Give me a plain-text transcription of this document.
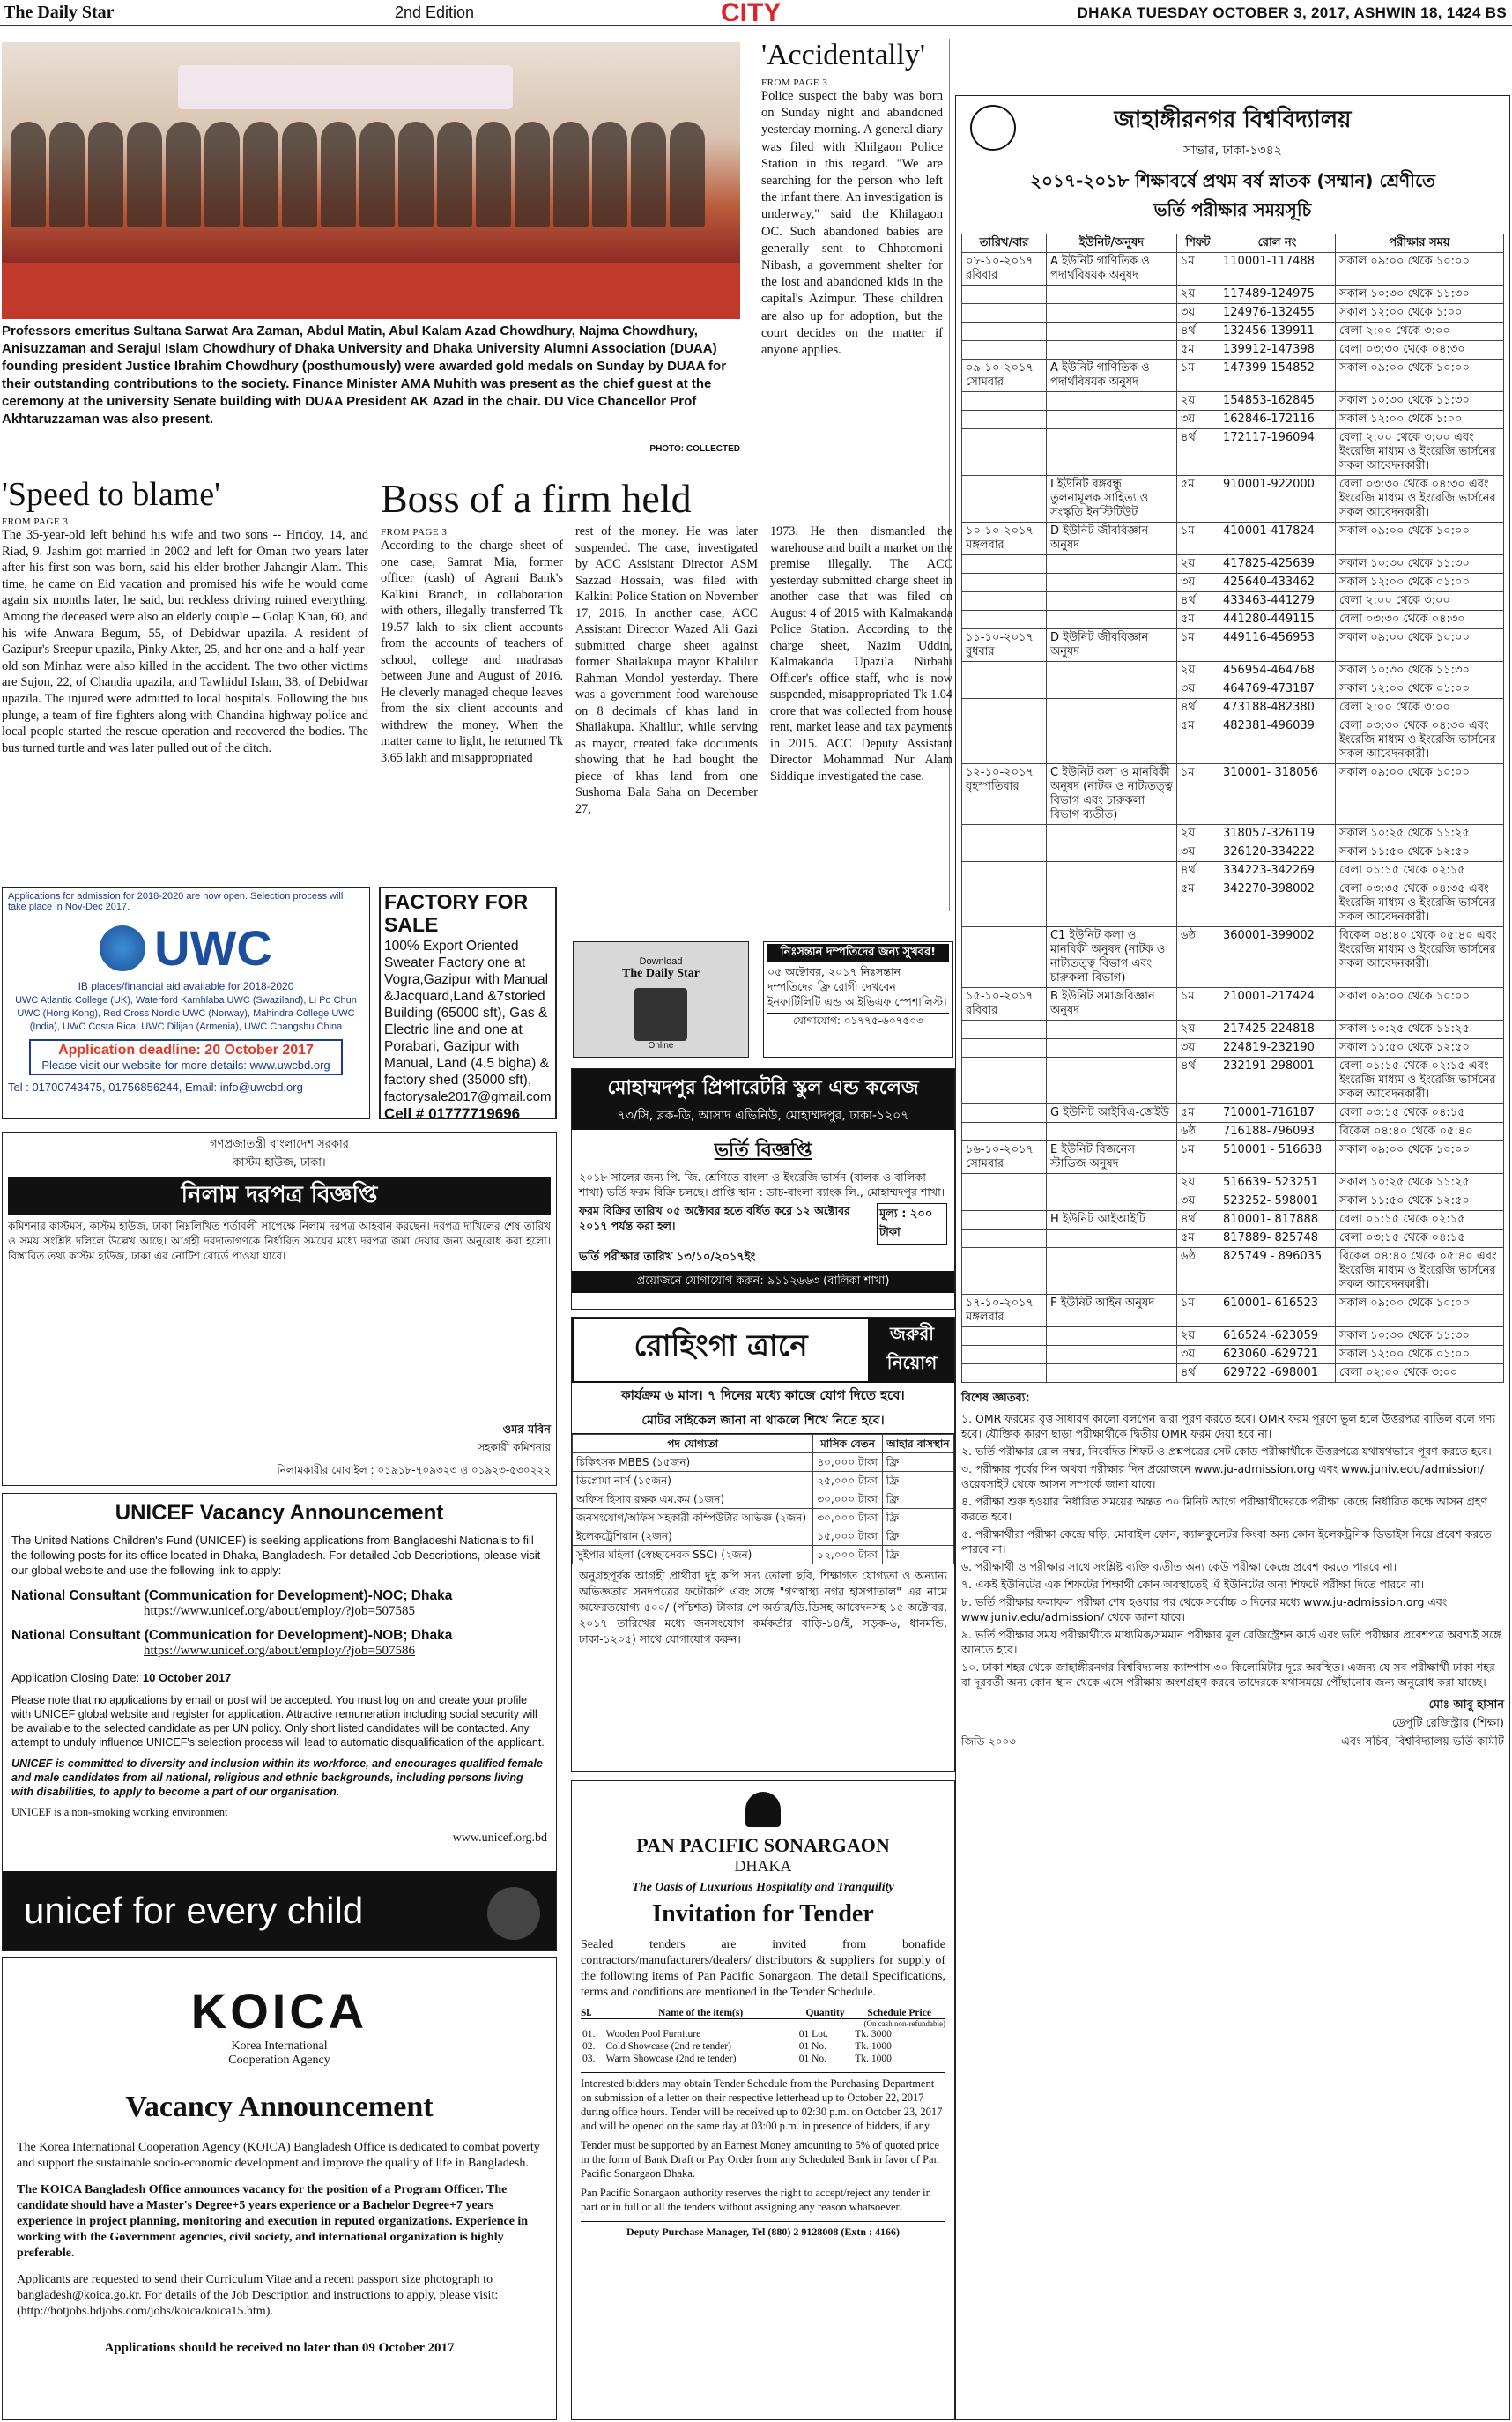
The Daily Star	2nd Edition	CITY	DHAKA TUESDAY OCTOBER 3, 2017, ASHWIN 18, 1424 BS
Professors emeritus Sultana Sarwat Ara Zaman, Abdul Matin, Abul Kalam Azad Chowdhury, Najma Chowdhury, Anisuzzaman and Serajul Islam Chowdhury of Dhaka University and Dhaka University Alumni Association (DUAA) founding president Justice Ibrahim Chowdhury (posthumously) were awarded gold medals on Sunday by DUAA for their outstanding contributions to the society. Finance Minister AMA Muhith was present as the chief guest at the ceremony at the university Senate building with DUAA President AK Azad in the chair. DU Vice Chancellor Prof Akhtaruzzaman was also present.
PHOTO: COLLECTED
'Accidentally'
FROM PAGE 3
Police suspect the baby was born on Sunday night and abandoned yesterday morning. A general diary was filed with Khilgaon Police Station in this regard. "We are searching for the person who left the infant there. An investigation is underway," said the Khilagaon OC. Such abandoned babies are generally sent to Chhotomoni Nibash, a government shelter for the lost and abandoned kids in the capital's Azimpur. These children are also up for adoption, but the court decides on the matter if anyone applies.
'Speed to blame'
FROM PAGE 3
The 35-year-old left behind his wife and two sons -- Hridoy, 14, and Riad, 9. Jashim got married in 2002 and left for Oman two years later after his first son was born, said his elder brother Jahangir Alam. This time, he came on Eid vacation and promised his wife he would come again six months later, he said, but reckless driving ruined everything. Among the deceased were also an elderly couple -- Golap Khan, 60, and his wife Anwara Begum, 55, of Debidwar upazila. A resident of Gazipur's Sreepur upazila, Pinky Akter, 25, and her one-and-a-half-year-old son Minhaz were also killed in the accident. The two other victims are Sujon, 22, of Chandia upazila, and Tawhidul Islam, 38, of Debidwar upazila. The injured were admitted to local hospitals. Following the bus plunge, a team of fire fighters along with Chandina highway police and local people started the rescue operation and recovered the bodies. The bus turned turtle and was later pulled out of the ditch.
Boss of a firm held
FROM PAGE 3
According to the charge sheet of one case, Samrat Mia, former officer (cash) of Agrani Bank's Kalkini Branch, in collaboration with others, illegally transferred Tk 19.57 lakh to six client accounts from the accounts of teachers of school, college and madrasas between June and August of 2016. He cleverly managed cheque leaves from the six client accounts and withdrew the money. When the matter came to light, he returned Tk 3.65 lakh and misappropriated
rest of the money. He was later suspended. The case, investigated by ACC Assistant Director ASM Sazzad Hossain, was filed with Kalkini Police Station on November 17, 2016. In another case, ACC Assistant Director Wazed Ali Gazi submitted charge sheet against former Shailakupa mayor Khalilur Rahman Mondol yesterday. There was a government food warehouse on 8 decimals of khas land in Shailakupa. Khalilur, while serving as mayor, created fake documents showing that he had bought the piece of khas land from one Sushoma Bala Saha on December 27,
1973. He then dismantled the warehouse and built a market on the premise illegally. The ACC yesterday submitted charge sheet in another case that was filed on August 4 of 2015 with Kalmakanda Police Station. According to the charge sheet, Nazim Uddin, Kalmakanda Upazila Nirbahi Officer's office staff, who is now suspended, misappropriated Tk 1.04 crore that was collected from house rent, market lease and tax payments in 2015. ACC Deputy Assistant Director Mohammad Nur Alam Siddique investigated the case.
Applications for admission for 2018-2020 are now open. Selection process will take place in Nov-Dec 2017.
UWC
IB places/financial aid available for 2018-2020
UWC Atlantic College (UK), Waterford Kamhlaba UWC (Swaziland), Li Po Chun UWC (Hong Kong), Red Cross Nordic UWC (Norway), Mahindra College UWC (India), UWC Costa Rica, UWC Dilijan (Armenia), UWC Changshu China
Application deadline: 20 October 2017
Please visit our website for more details: www.uwcbd.org
Tel : 01700743475, 01756856244, Email: info@uwcbd.org
FACTORY FOR SALE
100% Export Oriented Sweater Factory one at Vogra,Gazipur with Manual &Jacquard,Land &7storied Building (65000 sft), Gas & Electric line and one at Porabari, Gazipur with Manual, Land (4.5 bigha) & factory shed (35000 sft),
factorysale2017@gmail.com
Cell # 01777719696
গণপ্রজাতন্ত্রী বাংলাদেশ সরকার
কাস্টম হাউজ, ঢাকা।
নিলাম দরপত্র বিজ্ঞপ্তি
কমিশনার কাস্টমস, কাস্টম হাউজ, ঢাকা নিম্নলিখিত শর্তাবলী সাপেক্ষে নিলাম দরপত্র আহবান করছেন। দরপত্র দাখিলের শেষ তারিখ ও সময় সংশ্লিষ্ট দলিলে উল্লেখ আছে। আগ্রহী দরদাতাগণকে নির্ধারিত সময়ের মধ্যে দরপত্র জমা দেয়ার জন্য অনুরোধ করা হলো। বিস্তারিত তথ্য কাস্টম হাউজ, ঢাকা এর নোটিশ বোর্ডে পাওয়া যাবে।
ওমর মবিন
সহকারী কমিশনার
নিলামকারীর মোবাইল : ০১৯১৮-৭০৯৩২৩ ও ০১৯২৩-৫৩০২২২
UNICEF Vacancy Announcement
The United Nations Children's Fund (UNICEF) is seeking applications from Bangladeshi Nationals to fill the following posts for its office located in Dhaka, Bangladesh. For detailed Job Descriptions, please visit our global website and use the following link to apply:
National Consultant (Communication for Development)-NOC; Dhaka
https://www.unicef.org/about/employ/?job=507585
National Consultant (Communication for Development)-NOB; Dhaka
https://www.unicef.org/about/employ/?job=507586
Application Closing Date: 10 October 2017
Please note that no applications by email or post will be accepted. You must log on and create your profile with UNICEF global website and register for application. Attractive remuneration including social security will be available to the selected candidate as per UN policy. Only short listed candidates will be contacted. Any attempt to unduly influence UNICEF's selection process will lead to automatic disqualification of the applicant.
UNICEF is committed to diversity and inclusion within its workforce, and encourages qualified female and male candidates from all national, religious and ethnic backgrounds, including persons living with disabilities, to apply to become a part of our organisation.
UNICEF is a non-smoking working environment
www.unicef.org.bd
unicef for every child
KOICA
Korea International
Cooperation Agency
Vacancy Announcement
The Korea International Cooperation Agency (KOICA) Bangladesh Office is dedicated to combat poverty and support the sustainable socio-economic development and improve the quality of life in Bangladesh.
The KOICA Bangladesh Office announces vacancy for the position of a Program Officer. The candidate should have a Master's Degree+5 years experience or a Bachelor Degree+7 years experience in project planning, monitoring and execution in reputed organizations. Experience in working with the Government agencies, civil society, and international organization is highly preferable.
Applicants are requested to send their Curriculum Vitae and a recent passport size photograph to bangladesh@koica.go.kr. For details of the Job Description and instructions to apply, please visit: (http://hotjobs.bdjobs.com/jobs/koica/koica15.htm).
Applications should be received no later than 09 October 2017
Download
The Daily Star
Online
নিঃসন্তান দম্পতিদের জন্য সুখবর!
০৫ অক্টোবর, ২০১৭ নিঃসন্তান দম্পতিদের ফ্রি রোগী দেখবেন ইনফার্টিলিটি এন্ড আইভিএফ স্পেশালিস্ট।
যোগাযোগ: ০১৭৭৫-৬০৭৫০৩
মোহাম্মদপুর প্রিপারেটরি স্কুল এন্ড কলেজ
৭৩/সি, ব্লক-ডি, আসাদ এভিনিউ, মোহাম্মদপুর, ঢাকা-১২০৭
ভর্তি বিজ্ঞপ্তি
২০১৮ সালের জন্য পি. জি. শ্রেণিতে বাংলা ও ইংরেজি ভার্সন (বালক ও বালিকা শাখা) ভর্তি ফরম বিক্রি চলছে। প্রাপ্তি স্থান : ডাচ-বাংলা ব্যাংক লি., মোহাম্মদপুর শাখা।
ফরম বিক্রির তারিখ ০৫ অক্টোবর হতে বর্ধিত করে ১২ অক্টোবর ২০১৭ পর্যন্ত করা হল।
মূল্য : ২০০ টাকা
ভর্তি পরীক্ষার তারিখ ১৩/১০/২০১৭ইং
প্রয়োজনে যোগাযোগ করুন: ৯১১২৬৬৩ (বালিকা শাখা)
রোহিংগা ত্রানে	জরুরী নিয়োগ
কার্যক্রম ৬ মাস। ৭ দিনের মধ্যে কাজে যোগ দিতে হবে।
মোটর সাইকেল জানা না থাকলে শিখে নিতে হবে।
পদ যোগ্যতা	মাসিক বেতন	আহার বাসস্থান
চিকিৎসক MBBS (১৫জন)	৪০,০০০ টাকা	ফ্রি
ডিপ্লোমা নার্স (১৫জন)	২৫,০০০ টাকা	ফ্রি
অফিস হিসাব রক্ষক এম.কম (১জন)	৩০,০০০ টাকা	ফ্রি
জনসংযোগ/অফিস সহকারী কম্পিউটার অভিজ্ঞ (২জন)	৩০,০০০ টাকা	ফ্রি
ইলেকট্রেশিয়ান (২জন)	১৫,০০০ টাকা	ফ্রি
সুইপার মহিলা (স্বেচ্ছাসেবক SSC) (২জন)	১২,০০০ টাকা	ফ্রি
অনুগ্রহপূর্বক আগ্রহী প্রার্থীরা দুই কপি সদ্য তোলা ছবি, শিক্ষাগত যোগ্যতা ও অন্যান্য অভিজ্ঞতার সনদপত্রের ফটোকপি এবং সঙ্গে "গণস্বাস্থ্য নগর হাসপাতাল" এর নামে অফেরতযোগ্য ৫০০/-(পাঁচশত) টাকার পে অর্ডার/ডি.ডিসহ আবেদনসহ ১৫ অক্টোবর, ২০১৭ তারিখের মধ্যে জনসংযোগ কর্মকর্তার বাড়ি-১৪/ই, সড়ক-৬, ধানমন্ডি, ঢাকা-১২০৫) সাথে যোগাযোগ করুন।
PAN PACIFIC SONARGAON
DHAKA
The Oasis of Luxurious Hospitality and Tranquility
Invitation for Tender
Sealed tenders are invited from bonafide contractors/manufacturers/dealers/ distributors & suppliers for supply of the following items of Pan Pacific Sonargaon. The detail Specifications, terms and conditions are mentioned in the Tender Schedule.
Sl.	Name of the item(s)	Quantity	Schedule Price
(On cash non-refundable)			
01.	Wooden Pool Furniture	01 Lot.	Tk. 3000
02.	Cold Showcase (2nd re tender)	01 No.	Tk. 1000
03.	Warm Showcase (2nd re tender)	01 No.	Tk. 1000
Interested bidders may obtain Tender Schedule from the Purchasing Department on submission of a letter on their respective letterhead up to October 22, 2017 during office hours. Tender will be received up to 02:30 p.m. on October 23, 2017 and will be opened on the same day at 03:00 p.m. in presence of bidders, if any.
Tender must be supported by an Earnest Money amounting to 5% of quoted price in the form of Bank Draft or Pay Order from any Scheduled Bank in favor of Pan Pacific Sonargaon Dhaka.
Pan Pacific Sonargaon authority reserves the right to accept/reject any tender in part or in full or all the tenders without assigning any reason whatsoever.
Deputy Purchase Manager, Tel (880) 2 9128008 (Extn : 4166)
জাহাঙ্গীরনগর বিশ্ববিদ্যালয়
সাভার, ঢাকা-১৩৪২
২০১৭-২০১৮ শিক্ষাবর্ষে প্রথম বর্ষ স্নাতক (সম্মান) শ্রেণীতে
ভর্তি পরীক্ষার সময়সূচি
তারিখ/বার	ইউনিট/অনুষদ	শিফট	রোল নং	পরীক্ষার সময়
০৮-১০-২০১৭ রবিবার	A ইউনিট গাণিতিক ও পদার্থবিষয়ক অনুষদ	১ম	110001-117488	সকাল ০৯:০০ থেকে ১০:০০
		২য়	117489-124975	সকাল ১০:৩০ থেকে ১১:৩০
		৩য়	124976-132455	সকাল ১২:০০ থেকে ১:০০
		৪র্থ	132456-139911	বেলা ২:০০ থেকে ৩:০০
		৫ম	139912-147398	বেলা ০৩:৩০ থেকে ০৪:৩০
০৯-১০-২০১৭ সোমবার	A ইউনিট গাণিতিক ও পদার্থবিষয়ক অনুষদ	১ম	147399-154852	সকাল ০৯:০০ থেকে ১০:০০
		২য়	154853-162845	সকাল ১০:৩০ থেকে ১১:৩০
		৩য়	162846-172116	সকাল ১২:০০ থেকে ১:০০
		৪র্থ	172117-196094	বেলা ২:০০ থেকে ৩:০০ এবং ইংরেজি মাধ্যম ও ইংরেজি ভার্সনের সকল আবেদনকারী।
	I ইউনিট বঙ্গবন্ধু তুলনামূলক সাহিত্য ও সংস্কৃতি ইনস্টিটিউট	৫ম	910001-922000	বেলা ০৩:৩০ থেকে ০৪:৩০ এবং ইংরেজি মাধ্যম ও ইংরেজি ভার্সনের সকল আবেদনকারী।
১০-১০-২০১৭ মঙ্গলবার	D ইউনিট জীববিজ্ঞান অনুষদ	১ম	410001-417824	সকাল ০৯:০০ থেকে ১০:০০
		২য়	417825-425639	সকাল ১০:৩০ থেকে ১১:৩০
		৩য়	425640-433462	সকাল ১২:০০ থেকে ০১:০০
		৪র্থ	433463-441279	বেলা ২:০০ থেকে ৩:০০
		৫ম	441280-449115	বেলা ০৩:৩০ থেকে ০৪:৩০
১১-১০-২০১৭ বুধবার	D ইউনিট জীববিজ্ঞান অনুষদ	১ম	449116-456953	সকাল ০৯:০০ থেকে ১০:০০
		২য়	456954-464768	সকাল ১০:৩০ থেকে ১১:৩০
		৩য়	464769-473187	সকাল ১২:০০ থেকে ০১:০০
		৪র্থ	473188-482380	বেলা ২:০০ থেকে ৩:০০
		৫ম	482381-496039	বেলা ০৩:৩০ থেকে ০৪:৩০ এবং ইংরেজি মাধ্যম ও ইংরেজি ভার্সনের সকল আবেদনকারী।
১২-১০-২০১৭ বৃহস্পতিবার	C ইউনিট কলা ও মানবিকী অনুষদ (নাটক ও নাট্যতত্ত্ব বিভাগ এবং চারুকলা বিভাগ ব্যতীত)	১ম	310001- 318056	সকাল ০৯:০০ থেকে ১০:০০
		২য়	318057-326119	সকাল ১০:২৫ থেকে ১১:২৫
		৩য়	326120-334222	সকাল ১১:৫০ থেকে ১২:৫০
		৪র্থ	334223-342269	বেলা ০১:১৫ থেকে ০২:১৫
		৫ম	342270-398002	বেলা ০৩:৩৫ থেকে ০৪:৩৫ এবং ইংরেজি মাধ্যম ও ইংরেজি ভার্সনের সকল আবেদনকারী।
	C1 ইউনিট কলা ও মানবিকী অনুষদ (নাটক ও নাট্যতত্ত্ব বিভাগ এবং চারুকলা বিভাগ)	৬ষ্ঠ	360001-399002	বিকেল ০৪:৪০ থেকে ০৫:৪০ এবং ইংরেজি মাধ্যম ও ইংরেজি ভার্সনের সকল আবেদনকারী।
১৫-১০-২০১৭ রবিবার	B ইউনিট সমাজবিজ্ঞান অনুষদ	১ম	210001-217424	সকাল ০৯:০০ থেকে ১০:০০
		২য়	217425-224818	সকাল ১০:২৫ থেকে ১১:২৫
		৩য়	224819-232190	সকাল ১১:৫০ থেকে ১২:৫০
		৪র্থ	232191-298001	বেলা ০১:১৫ থেকে ০২:১৫ এবং ইংরেজি মাধ্যম ও ইংরেজি ভার্সনের সকল আবেদনকারী।
	G ইউনিট আইবিএ-জেইউ	৫ম	710001-716187	বেলা ০৩:১৫ থেকে ০৪:১৫
		৬ষ্ঠ	716188-796093	বিকেল ০৪:৪০ থেকে ০৫:৪০
১৬-১০-২০১৭ সোমবার	E ইউনিট বিজনেস স্টাডিজ অনুষদ	১ম	510001 - 516638	সকাল ০৯:০০ থেকে ১০:০০
		২য়	516639- 523251	সকাল ১০:২৫ থেকে ১১:২৫
		৩য়	523252- 598001	সকাল ১১:৫০ থেকে ১২:৫০
	H ইউনিট আইআইটি	৪র্থ	810001- 817888	বেলা ০১:১৫ থেকে ০২:১৫
		৫ম	817889- 825748	বেলা ০৩:১৫ থেকে ০৪:১৫
		৬ষ্ঠ	825749 - 896035	বিকেল ০৪:৪০ থেকে ০৫:৪০ এবং ইংরেজি মাধ্যম ও ইংরেজি ভার্সনের সকল আবেদনকারী।
১৭-১০-২০১৭ মঙ্গলবার	F ইউনিট আইন অনুষদ	১ম	610001- 616523	সকাল ০৯:০০ থেকে ১০:০০
		২য়	616524 -623059	সকাল ১০:৩০ থেকে ১১:৩০
		৩য়	623060 -629721	সকাল ১২:০০ থেকে ০১:০০
		৪র্থ	629722 -698001	বেলা ০২:০০ থেকে ৩:০০
বিশেষ জ্ঞাতব্য:
১. OMR ফরমের বৃত্ত সাধারণ কালো বলপেন দ্বারা পূরণ করতে হবে। OMR ফরম পূরণে ভুল হলে উত্তরপত্র বাতিল বলে গণ্য হবে। যৌক্তিক কারণ ছাড়া পরীক্ষার্থীকে দ্বিতীয় OMR ফরম দেয়া হবে না।
২. ভর্তি পরীক্ষার রোল নম্বর, নিবেদিত শিফট ও প্রশ্নপত্রের সেট কোড পরীক্ষার্থীকে উত্তরপত্রে যথাযথভাবে পূরণ করতে হবে।
৩. পরীক্ষার পূর্বের দিন অথবা পরীক্ষার দিন প্রয়োজনে www.ju-admission.org এবং www.juniv.edu/admission/ ওয়েবসাইট থেকে আসন সম্পর্কে জানা যাবে।
৪. পরীক্ষা শুরু হওয়ার নির্ধারিত সময়ের অন্তত ৩০ মিনিট আগে পরীক্ষার্থীদেরকে পরীক্ষা কেন্দ্রে নির্ধারিত কক্ষে আসন গ্রহণ করতে হবে।
৫. পরীক্ষার্থীরা পরীক্ষা কেন্দ্রে ঘড়ি, মোবাইল ফোন, ক্যালকুলেটর কিংবা অন্য কোন ইলেকট্রনিক ডিভাইস নিয়ে প্রবেশ করতে পারবে না।
৬. পরীক্ষার্থী ও পরীক্ষার সাথে সংশ্লিষ্ট ব্যক্তি ব্যতীত অন্য কেউ পরীক্ষা কেন্দ্রে প্রবেশ করতে পারবে না।
৭. একই ইউনিটের এক শিফটের শিক্ষার্থী কোন অবস্থাতেই ঐ ইউনিটের অন্য শিফটে পরীক্ষা দিতে পারবে না।
৮. ভর্তি পরীক্ষার ফলাফল পরীক্ষা শেষ হওয়ার পর থেকে সর্বোচ্চ ৩ দিনের মধ্যে www.ju-admission.org এবং www.juniv.edu/admission/ থেকে জানা যাবে।
৯. ভর্তি পরীক্ষার সময় পরীক্ষার্থীকে মাধ্যমিক/সমমান পরীক্ষার মূল রেজিস্ট্রেশন কার্ড এবং ভর্তি পরীক্ষার প্রবেশপত্র অবশ্যই সঙ্গে আনতে হবে।
১০. ঢাকা শহর থেকে জাহাঙ্গীরনগর বিশ্ববিদ্যালয় ক্যাম্পাস ৩০ কিলোমিটার দূরে অবস্থিত। এজন্য যে সব পরীক্ষার্থী ঢাকা শহর বা দূরবর্তী অন্য কোন স্থান থেকে এসে পরীক্ষায় অংশগ্রহণ করবে তাদেরকে যথাসময়ে পৌঁছানোর জন্য অনুরোধ করা যাচ্ছে।
মোঃ আবু হাসান
ডেপুটি রেজিস্ট্রার (শিক্ষা)
এবং সচিব, বিশ্ববিদ্যালয় ভর্তি কমিটি
জিডি-২০০৩
